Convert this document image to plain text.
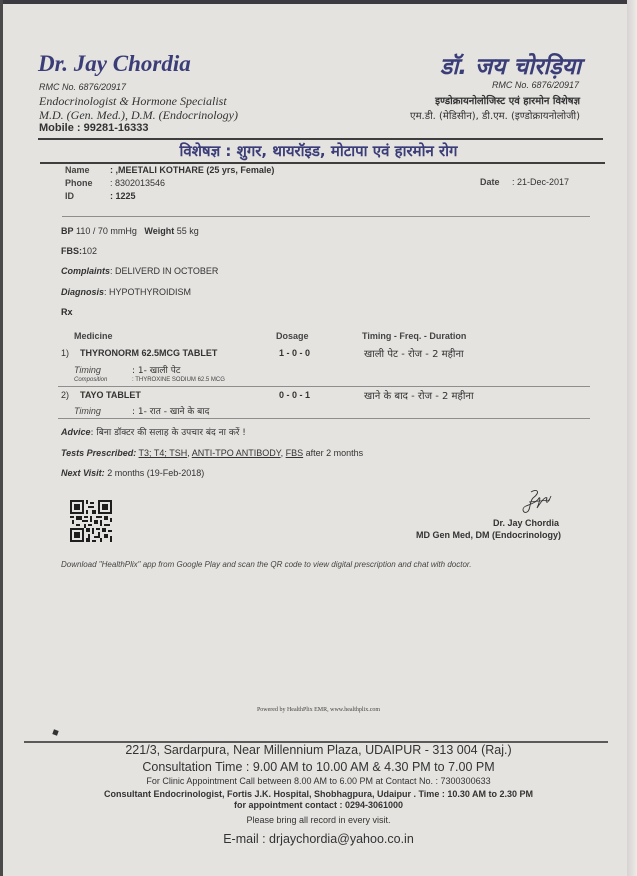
Dr. Jay Chordia
RMC No. 6876/20917
Endocrinologist & Hormone Specialist
M.D. (Gen. Med.), D.M. (Endocrinology)
Mobile : 99281-16333
डॉ. जय चोरड़िया
RMC No. 6876/20917
इण्डोक्रायनोलोजिस्ट एवं हारमोन विशेषज्ञ
एम.डी. (मेडिसीन), डी.एम. (इण्डोक्रायनोलोजी)
विशेषज्ञ : शुगर, थायरॉइड, मोटापा एवं हारमोन रोग
Name : ,MEETALI KOTHARE (25 yrs, Female)
Phone : 8302013546
ID	: 1225
Date : 21-Dec-2017
BP 110 / 70 mmHg Weight 55 kg
FBS:102
Complaints: DELIVERD IN OCTOBER
Diagnosis: HYPOTHYROIDISM
Rx
Medicine	Dosage	Timing - Freq. - Duration
1) THYRONORM 62.5MCG TABLET	1 - 0 - 0	खाली पेट - रोज - 2 महीना
Timing	: 1- खाली पेट
Composition	: THYROXINE SODIUM 62.5 MCG
2) TAYO TABLET	0 - 0 - 1	खाने के बाद - रोज - 2 महीना
Timing	: 1- रात - खाने के बाद
Advice: बिना डॉक्टर की सलाह के उपचार बंद ना करें !
Tests Prescribed: T3; T4; TSH, ANTI-TPO ANTIBODY, FBS after 2 months
Next Visit: 2 months (19-Feb-2018)
Dr. Jay Chordia
MD Gen Med, DM (Endocrinology)
Download "HealthPlix" app from Google Play and scan the QR code to view digital prescription and chat with doctor.
Powered by HealthPlix EMR, www.healthplix.com
221/3, Sardarpura, Near Millennium Plaza, UDAIPUR - 313 004 (Raj.)
Consultation Time : 9.00 AM to 10.00 AM & 4.30 PM to 7.00 PM
For Clinic Appointment Call between 8.00 AM to 6.00 PM at Contact No. : 7300300633
Consultant Endocrinologist, Fortis J.K. Hospital, Shobhagpura, Udaipur . Time : 10.30 AM to 2.30 PM
for appointment contact : 0294-3061000
Please bring all record in every visit.
E-mail : drjaychordia@yahoo.co.in
